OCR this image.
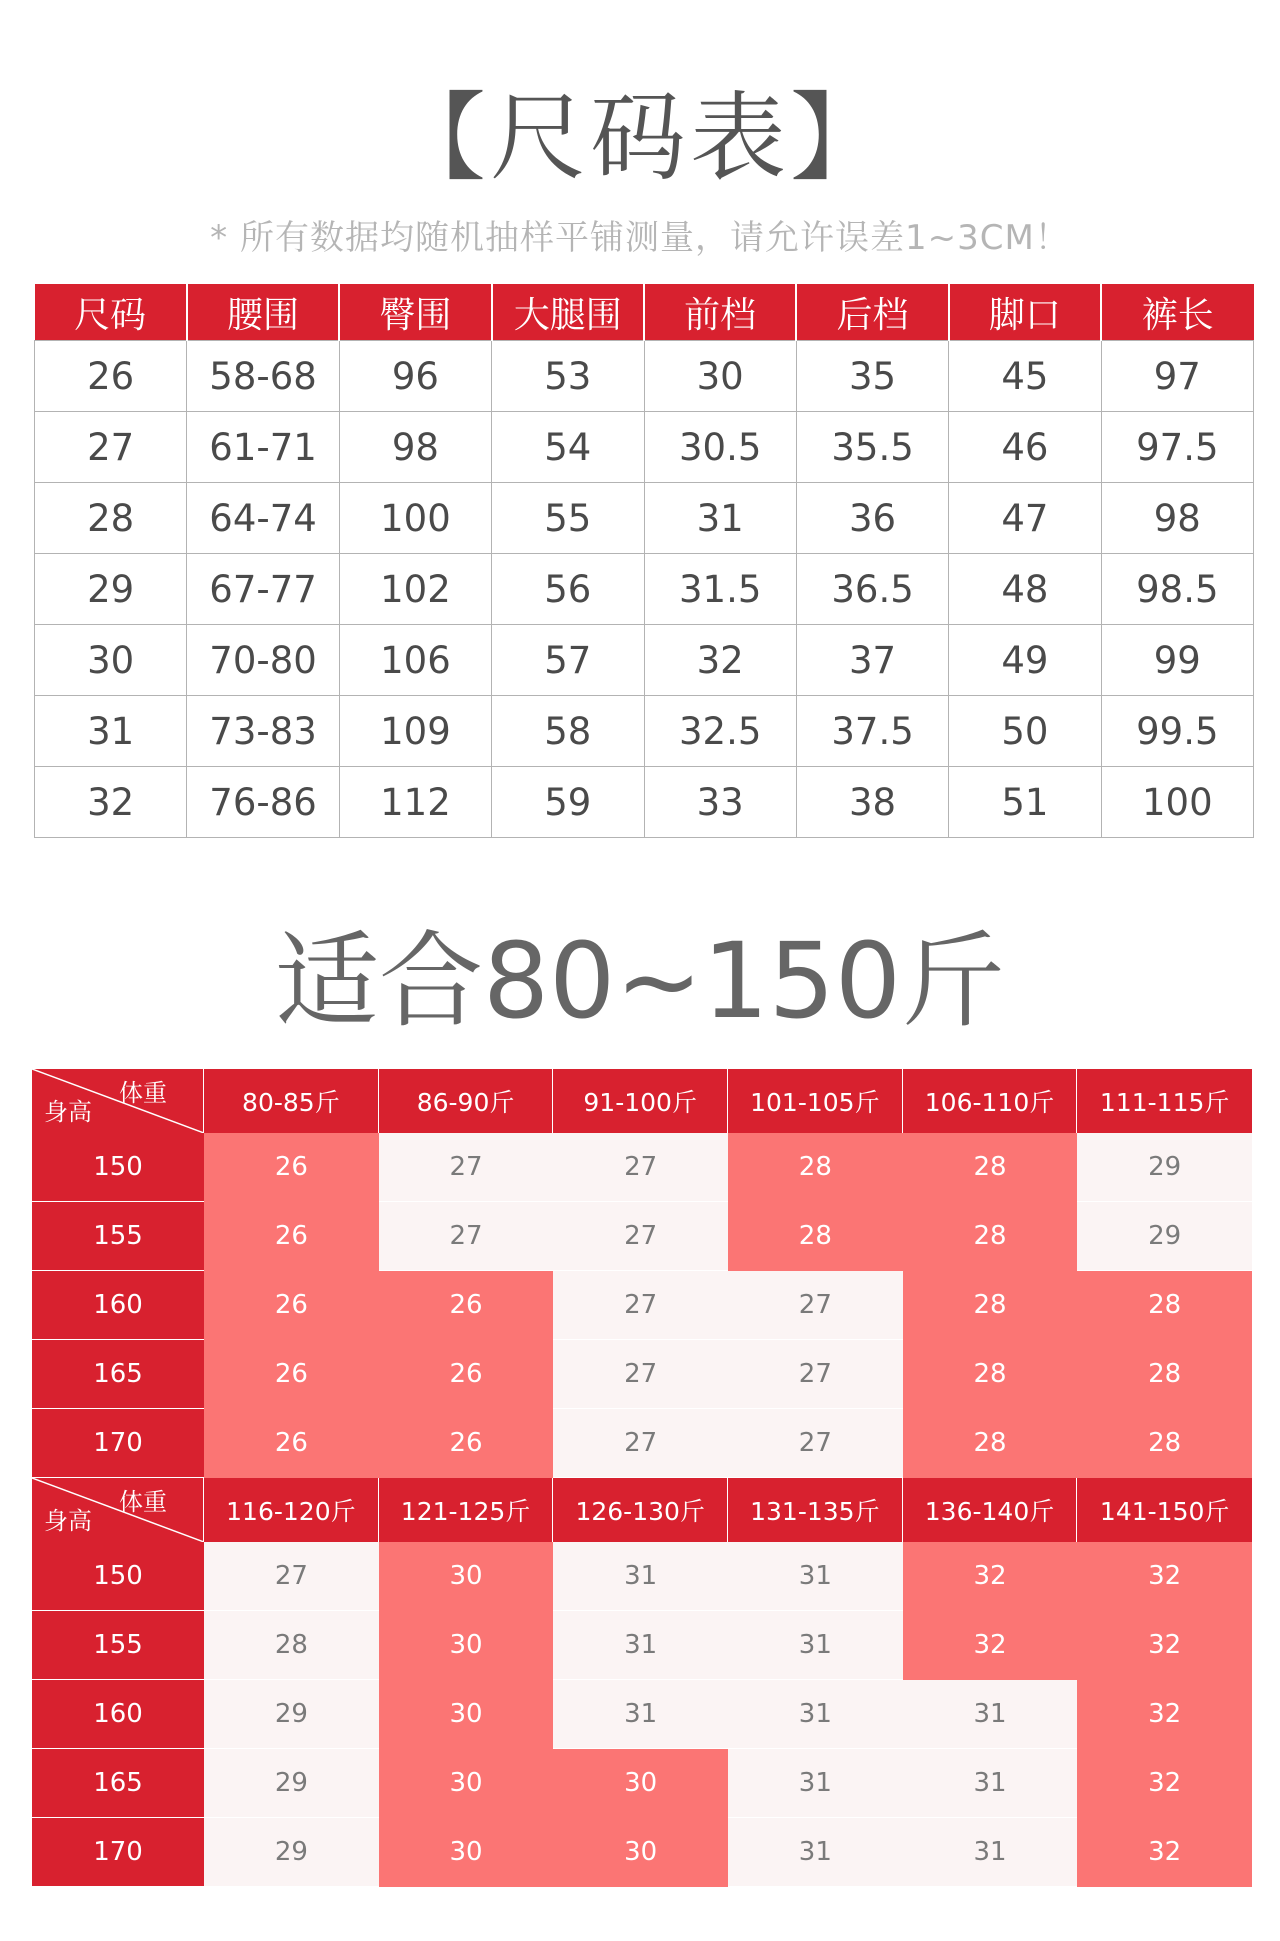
【尺码表】
* 所有数据均随机抽样平铺测量，请允许误差1~3CM！
尺码	腰围	臀围	大腿围	前档	后档	脚口	裤长
26	58-68	96	53	30	35	45	97
27	61-71	98	54	30.5	35.5	46	97.5
28	64-74	100	55	31	36	47	98
29	67-77	102	56	31.5	36.5	48	98.5
30	70-80	106	57	32	37	49	99
31	73-83	109	58	32.5	37.5	50	99.5
32	76-86	112	59	33	38	51	100
适合80~150斤
体重
身高	80-85斤	86-90斤	91-100斤	101-105斤	106-110斤	111-115斤
150	26	27	27	28	28	29
155	26	27	27	28	28	29
160	26	26	27	27	28	28
165	26	26	27	27	28	28
170	26	26	27	27	28	28
体重
身高	116-120斤	121-125斤	126-130斤	131-135斤	136-140斤	141-150斤
150	27	30	31	31	32	32
155	28	30	31	31	32	32
160	29	30	31	31	31	32
165	29	30	30	31	31	32
170	29	30	30	31	31	32
